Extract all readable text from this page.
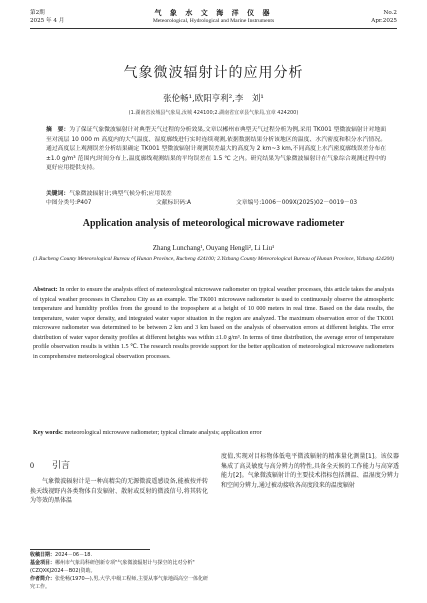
第2期
2025 年 4 月
气 象 水 文 海 洋 仪 器
Meteorological, Hydrological and Marine Instruments
No.2
Apr.2025
气象微波辐射计的应用分析
张伦畅¹,欧阳亨利²,李　刘¹
(1.湖南省汝城县气象局,汝城 424100;2.湖南省宜章县气象局,宜章 424200)
摘　要：为了保证气象微波辐射计对典型天气过程的分析效果,文章以郴州市典型天气过程分析为例,采用 TK001 型微波辐射计对地面至对流层 10 000 m 高度内的大气温度、湿度廓线进行实时连续观测,依据数据结果分析该地区的温度、水汽密度和积分水汽情况。通过高度层上观测误差分析结果确定 TK001 型微波辐射计观测误差最大的高度为 2 km~3 km,不同高度上水汽密度廓线误差分布在±1.0 g/m³ 范围内;时间分布上,温度廓线观测结果的平均误差在 1.5 ℃ 之内。研究结果为气象微波辐射计在气象综合观测过程中的更好应用提供支持。
关键词：气象微波辐射计;典型气候分析;应用误差
中图分类号:P407	文献标识码:A	文章编号:1006－009X(2025)02－0019－03
Application analysis of meteorological microwave radiometer
Zhang Lunchang¹, Ouyang Hengli², Li Liu¹
(1.Rucheng County Meteorological Bureau of Hunan Province, Rucheng 424100; 2.Yizhang County Meteorological Bureau of Hunan Province, Yizhang 424200)
Abstract: In order to ensure the analysis effect of meteorological microwave radiometer on typical weather processes, this article takes the analysis of typical weather processes in Chenzhou City as an example. The TK001 microwave radiometer is used to continuously observe the atmospheric temperature and humidity profiles from the ground to the troposphere at a height of 10 000 meters in real time. Based on the data results, the temperature, water vapor density, and integrated water vapor situation in the region are analyzed. The maximum observation error of the TK001 microwave radiometer was determined to be between 2 km and 3 km based on the analysis of observation errors at different heights. The error distribution of water vapor density profiles at different heights was within ±1.0 g/m³. In terms of time distribution, the average error of temperature profile observation results is within 1.5 ℃. The research results provide support for the better application of meteorological microwave radiometers in comprehensive meteorological observation processes.
Key words: meteorological microwave radiometer; typical climate analysis; application error
0 引言
气象微波辐射计是一种高精尖的无源微波遥感设备,能被按并转换天线视野内各类物体自发辐射、散射或反射的微波信号,将其转化为等效的黑体温
度值,实现对目标物体低电平微波辐射的精准量化测量[1]。该仪器集成了高灵敏度与高分辨力的特性,具备全天候的工作能力与高穿透能力[2]。气象微波辐射计的主要技术指标包括测温、温湿度分辨力和空间分辨力,通过被动接收各高度段来的温度辐射
收稿日期：2024－06－18.
基金项目：郴州市气象局科研创新专项"气象微波辐射计与探空的比对分析"(CZQXKJ2024－B02)资助。
作者简介：张伦畅(1970—),男,大学,中级工程师,主要从事气象地面高空一体化研究工作。
